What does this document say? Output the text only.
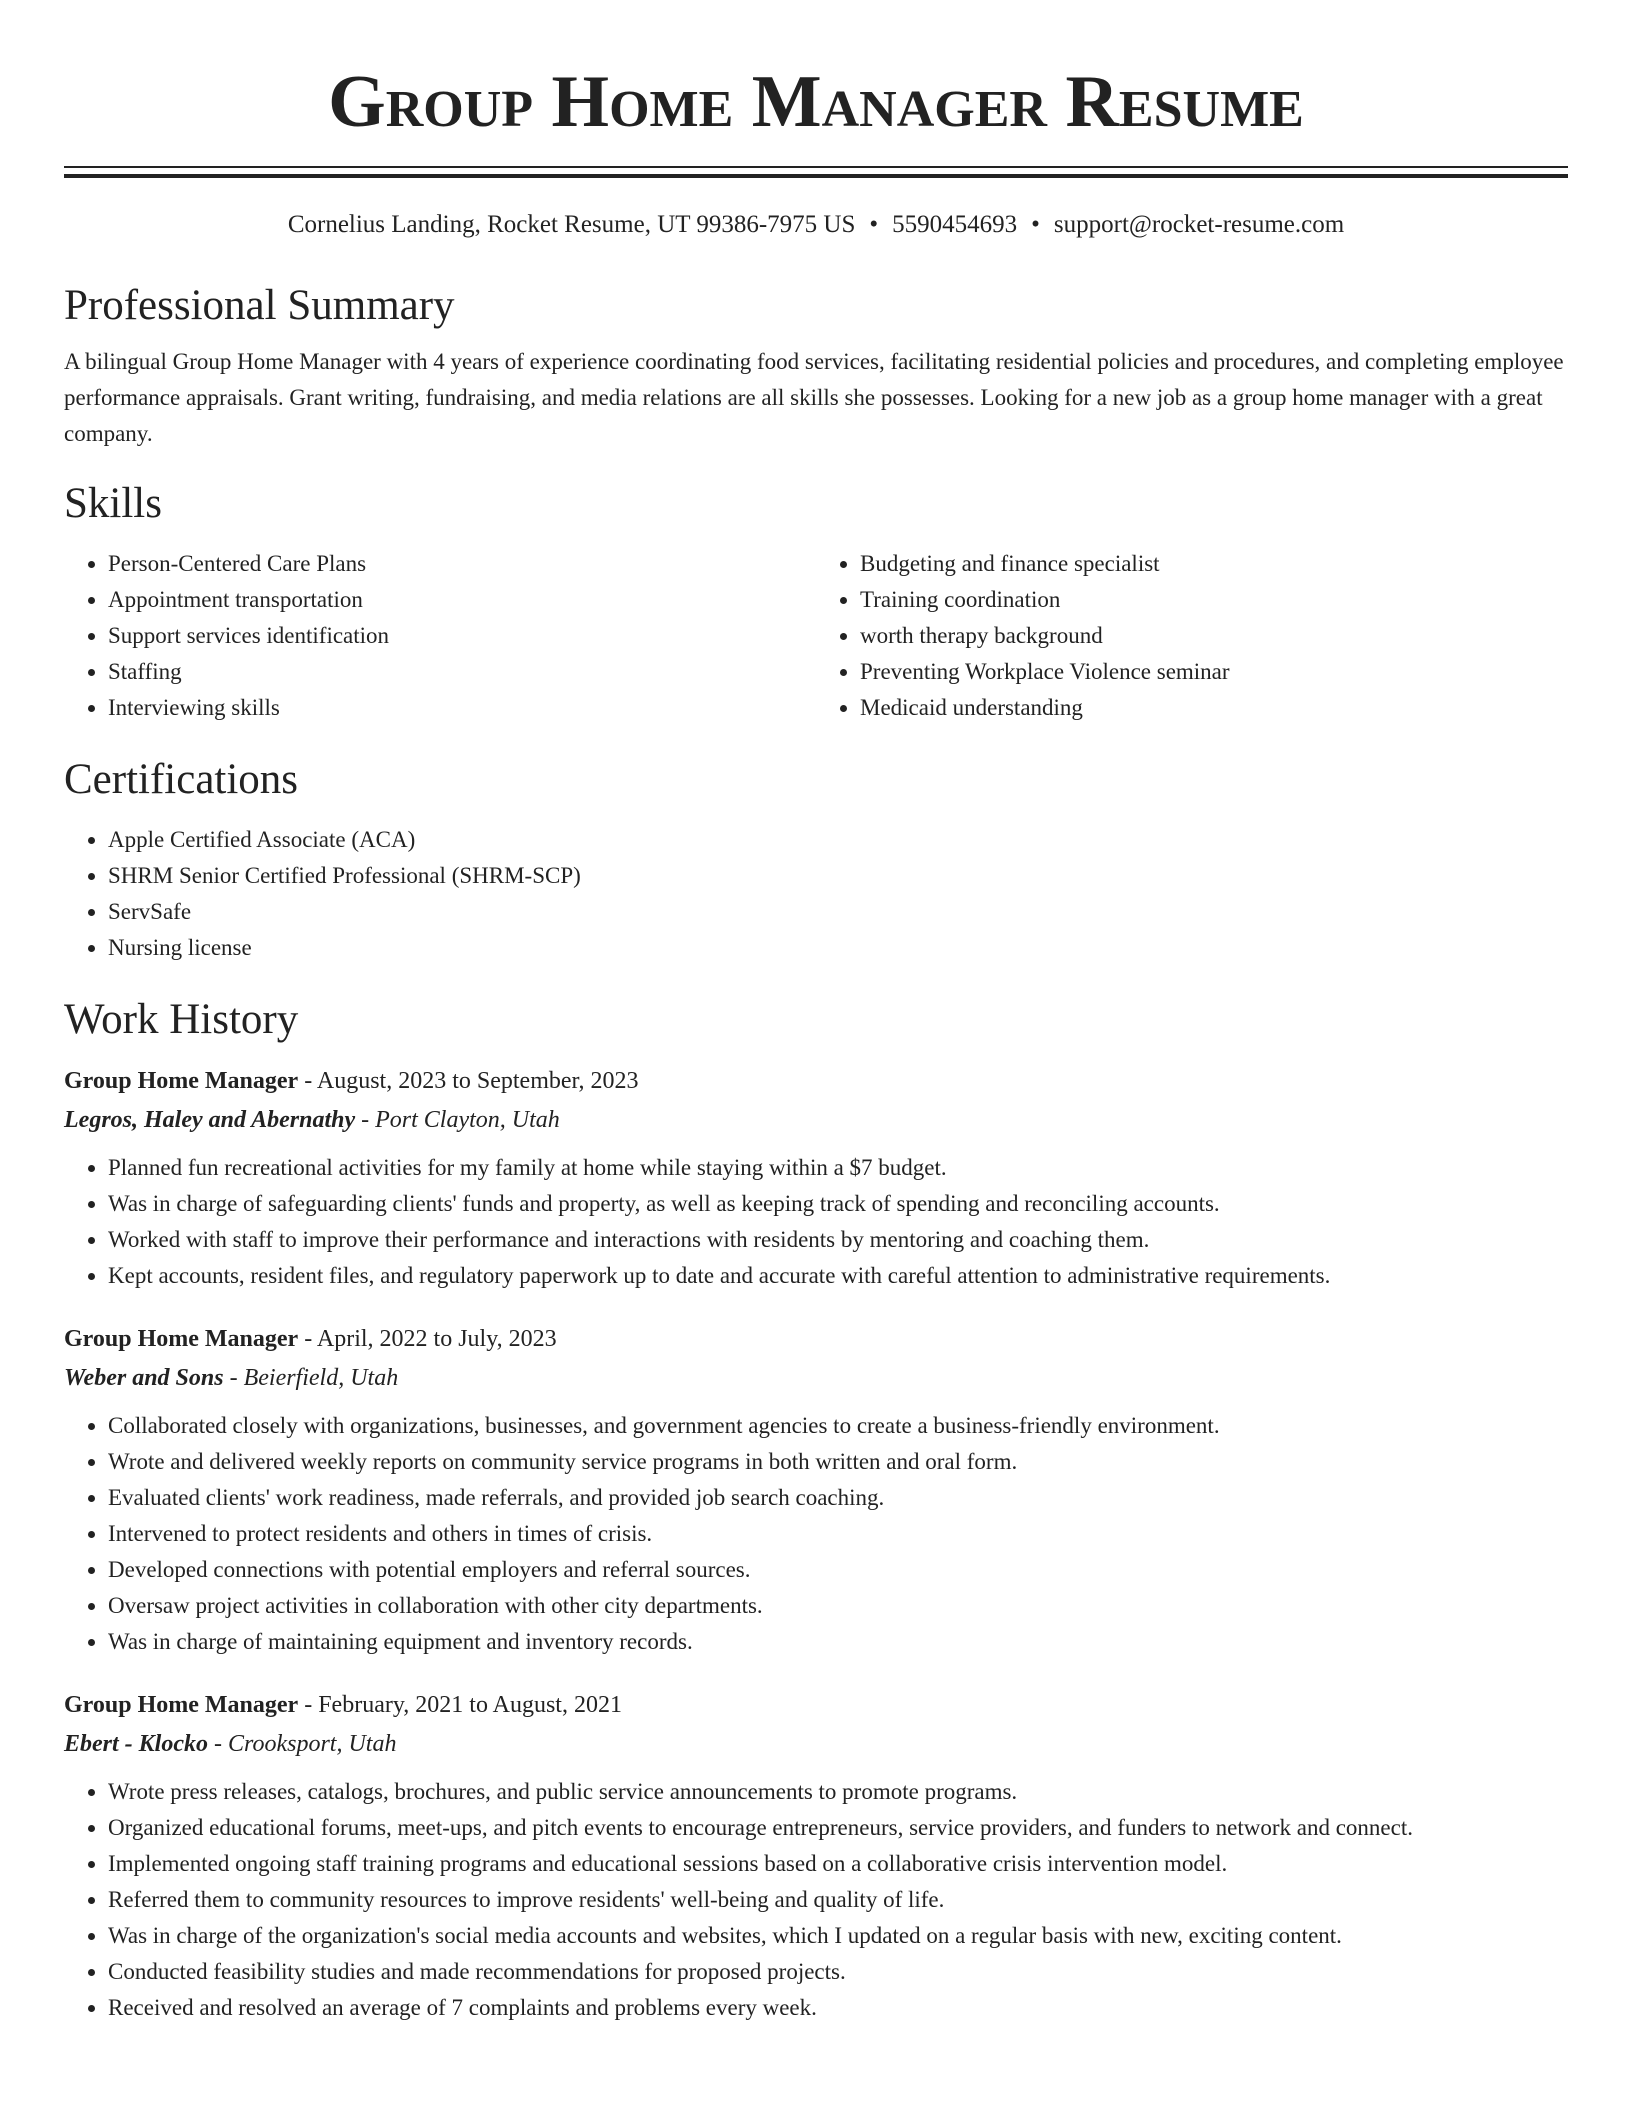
Group Home Manager Resume
Cornelius Landing, Rocket Resume, UT 99386-7975 US • 5590454693 • support@rocket-resume.com
Professional Summary

A bilingual Group Home Manager with 4 years of experience coordinating food services, facilitating residential policies and procedures, and completing employee performance appraisals. Grant writing, fundraising, and media relations are all skills she possesses. Looking for a new job as a group home manager with a great company.

Skills
• Person-Centered Care Plans
• Appointment transportation
• Support services identification
• Staffing
• Interviewing skills
• Budgeting and finance specialist
• Training coordination
• worth therapy background
• Preventing Workplace Violence seminar
• Medicaid understanding
Certifications
• Apple Certified Associate (ACA)
• SHRM Senior Certified Professional (SHRM-SCP)
• ServSafe
• Nursing license
Work History
Group Home Manager - August, 2023 to September, 2023
Legros, Haley and Abernathy - Port Clayton, Utah
• Planned fun recreational activities for my family at home while staying within a $7 budget.
• Was in charge of safeguarding clients' funds and property, as well as keeping track of spending and reconciling accounts.
• Worked with staff to improve their performance and interactions with residents by mentoring and coaching them.
• Kept accounts, resident files, and regulatory paperwork up to date and accurate with careful attention to administrative requirements.
Group Home Manager - April, 2022 to July, 2023
Weber and Sons - Beierfield, Utah
• Collaborated closely with organizations, businesses, and government agencies to create a business-friendly environment.
• Wrote and delivered weekly reports on community service programs in both written and oral form.
• Evaluated clients' work readiness, made referrals, and provided job search coaching.
• Intervened to protect residents and others in times of crisis.
• Developed connections with potential employers and referral sources.
• Oversaw project activities in collaboration with other city departments.
• Was in charge of maintaining equipment and inventory records.
Group Home Manager - February, 2021 to August, 2021
Ebert - Klocko - Crooksport, Utah
• Wrote press releases, catalogs, brochures, and public service announcements to promote programs.
• Organized educational forums, meet-ups, and pitch events to encourage entrepreneurs, service providers, and funders to network and connect.
• Implemented ongoing staff training programs and educational sessions based on a collaborative crisis intervention model.
• Referred them to community resources to improve residents' well-being and quality of life.
• Was in charge of the organization's social media accounts and websites, which I updated on a regular basis with new, exciting content.
• Conducted feasibility studies and made recommendations for proposed projects.
• Received and resolved an average of 7 complaints and problems every week.
